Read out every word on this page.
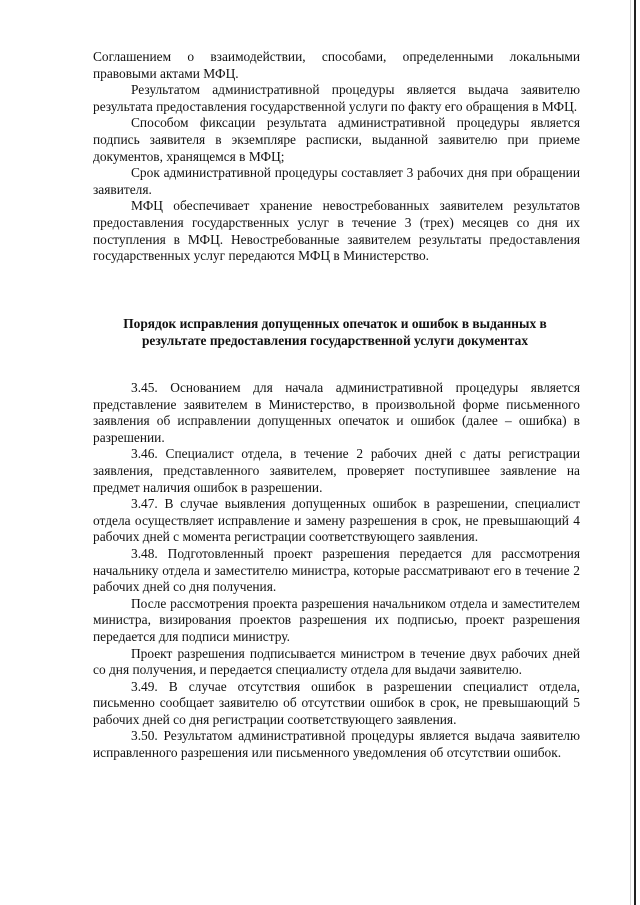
Соглашением о взаимодействии, способами, определенными локальными правовыми актами МФЦ.

Результатом административной процедуры является выдача заявителю результата предоставления государственной услуги по факту его обращения в МФЦ.

Способом фиксации результата административной процедуры является подпись заявителя в экземпляре расписки, выданной заявителю при приеме документов, хранящемся в МФЦ;

Срок административной процедуры составляет 3 рабочих дня при обращении заявителя.

МФЦ обеспечивает хранение невостребованных заявителем результатов предоставления государственных услуг в течение 3 (трех) месяцев со дня их поступления в МФЦ. Невостребованные заявителем результаты предоставления государственных услуг передаются МФЦ в Министерство.

Порядок исправления допущенных опечаток и ошибок в выданных в результате предоставления государственной услуги документах

3.45. Основанием для начала административной процедуры является представление заявителем в Министерство, в произвольной форме письменного заявления об исправлении допущенных опечаток и ошибок (далее – ошибка) в разрешении.

3.46. Специалист отдела, в течение 2 рабочих дней с даты регистрации заявления, представленного заявителем, проверяет поступившее заявление на предмет наличия ошибок в разрешении.

3.47. В случае выявления допущенных ошибок в разрешении, специалист отдела осуществляет исправление и замену разрешения в срок, не превышающий 4 рабочих дней с момента регистрации соответствующего заявления.

3.48. Подготовленный проект разрешения передается для рассмотрения начальнику отдела и заместителю министра, которые рассматривают его в течение 2 рабочих дней со дня получения.

После рассмотрения проекта разрешения начальником отдела и заместителем министра, визирования проектов разрешения их подписью, проект разрешения передается для подписи министру.

Проект разрешения подписывается министром в течение двух рабочих дней со дня получения, и передается специалисту отдела для выдачи заявителю.

3.49. В случае отсутствия ошибок в разрешении специалист отдела, письменно сообщает заявителю об отсутствии ошибок в срок, не превышающий 5 рабочих дней со дня регистрации соответствующего заявления.

3.50. Результатом административной процедуры является выдача заявителю исправленного разрешения или письменного уведомления об отсутствии ошибок.
